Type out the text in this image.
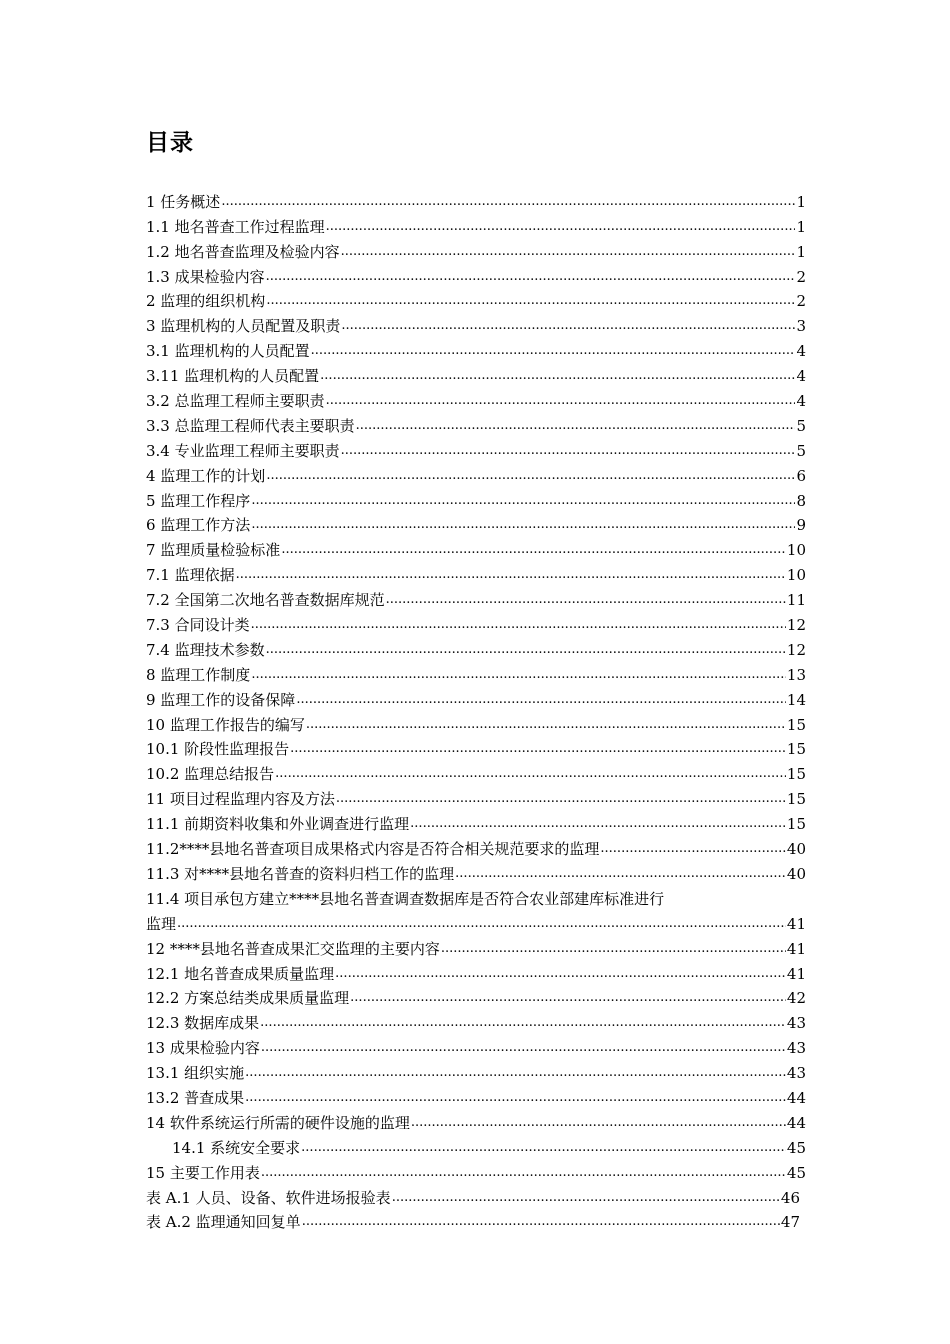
目录
1 任务概述 .....	1
1.1 地名普查工作过程监理 .....	1
1.2 地名普查监理及检验内容 .....	1
1.3 成果检验内容 .....	2
2 监理的组织机构 .....	2
3 监理机构的人员配置及职责 .....	3
3.1 监理机构的人员配置 .....	4
3.11 监理机构的人员配置 .....	4
3.2 总监理工程师主要职责 .....	4
3.3 总监理工程师代表主要职责 .....	5
3.4 专业监理工程师主要职责 .....	5
4 监理工作的计划 .....	6
5 监理工作程序 .....	8
6 监理工作方法 .....	9
7 监理质量检验标准 .....	10
7.1 监理依据 .....	10
7.2 全国第二次地名普查数据库规范 .....	11
7.3 合同设计类 .....	12
7.4 监理技术参数 .....	12
8 监理工作制度 .....	13
9 监理工作的设备保障 .....	14
10 监理工作报告的编写 .....	15
10.1 阶段性监理报告 .....	15
10.2 监理总结报告 .....	15
11 项目过程监理内容及方法 .....	15
11.1 前期资料收集和外业调查进行监理 .....	15
11.2****县地名普查项目成果格式内容是否符合相关规范要求的监理 .....	40
11.3 对****县地名普查的资料归档工作的监理 .....	40
11.4 项目承包方建立****县地名普查调查数据库是否符合农业部建库标准进行
监理 .....	41
12 ****县地名普查成果汇交监理的主要内容 .....	41
12.1 地名普查成果质量监理 .....	41
12.2 方案总结类成果质量监理 .....	42
12.3 数据库成果 .....	43
13 成果检验内容 .....	43
13.1 组织实施 .....	43
13.2 普查成果 .....	44
14 软件系统运行所需的硬件设施的监理 .....	44
14.1 系统安全要求 .....	45
15 主要工作用表 .....	45
表 A.1 人员、设备、软件进场报验表 .....	46
表 A.2 监理通知回复单 .....	47
